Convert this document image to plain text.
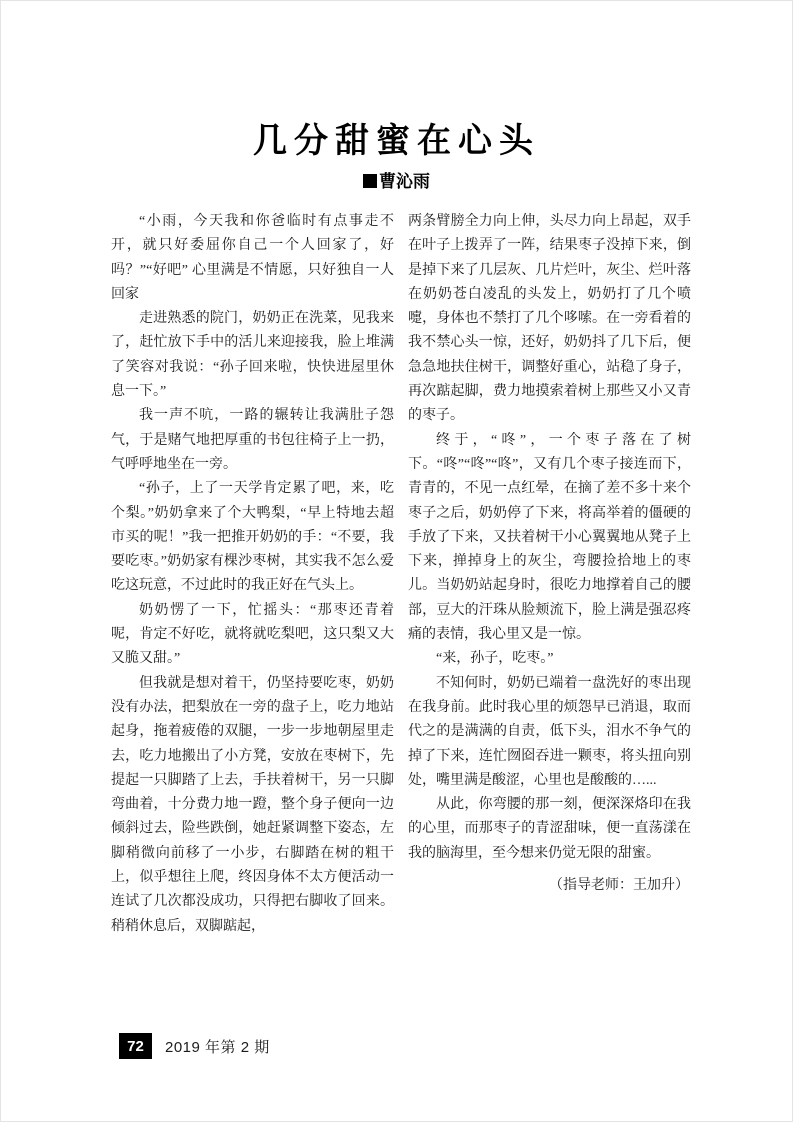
几分甜蜜在心头
曹沁雨

“小雨，今天我和你爸临时有点事走不开，就只好委屈你自己一个人回家了，好吗？”“好吧” 心里满是不情愿，只好独自一人回家

走进熟悉的院门，奶奶正在洗菜，见我来了，赶忙放下手中的活儿来迎接我，脸上堆满了笑容对我说：“孙子回来啦，快快进屋里休息一下。”

我一声不吭，一路的辗转让我满肚子怨气，于是赌气地把厚重的书包往椅子上一扔，气呼呼地坐在一旁。

“孙子，上了一天学肯定累了吧，来，吃个梨。”奶奶拿来了个大鸭梨，“早上特地去超市买的呢！”我一把推开奶奶的手：“不要，我要吃枣。”奶奶家有棵沙枣树，其实我不怎么爱吃这玩意，不过此时的我正好在气头上。

奶奶愣了一下，忙摇头：“那枣还青着呢，肯定不好吃，就将就吃梨吧，这只梨又大又脆又甜。”

但我就是想对着干，仍坚持要吃枣，奶奶没有办法，把梨放在一旁的盘子上，吃力地站起身，拖着疲倦的双腿，一步一步地朝屋里走去，吃力地搬出了小方凳，安放在枣树下，先提起一只脚踏了上去，手扶着树干，另一只脚弯曲着，十分费力地一蹬，整个身子便向一边倾斜过去，险些跌倒，她赶紧调整下姿态，左脚稍微向前移了一小步，右脚踏在树的粗干上，似乎想往上爬，终因身体不太方便活动一连试了几次都没成功，只得把右脚收了回来。稍稍休息后，双脚踮起，

两条臂膀全力向上伸，头尽力向上昂起，双手在叶子上拨弄了一阵，结果枣子没掉下来，倒是掉下来了几层灰、几片烂叶，灰尘、烂叶落在奶奶苍白凌乱的头发上，奶奶打了几个喷嚏，身体也不禁打了几个哆嗦。在一旁看着的我不禁心头一惊，还好，奶奶抖了几下后，便急急地扶住树干，调整好重心，站稳了身子，再次踮起脚，费力地摸索着树上那些又小又青的枣子。

终于，“咚”，一个枣子落在了树下。“咚”“咚”“咚”，又有几个枣子接连而下，青青的，不见一点红晕，在摘了差不多十来个枣子之后，奶奶停了下来，将高举着的僵硬的手放了下来，又扶着树干小心翼翼地从凳子上下来，掸掉身上的灰尘，弯腰捡拾地上的枣儿。当奶奶站起身时，很吃力地撑着自己的腰部，豆大的汗珠从脸颊流下，脸上满是强忍疼痛的表情，我心里又是一惊。

“来，孙子，吃枣。”

不知何时，奶奶已端着一盘洗好的枣出现在我身前。此时我心里的烦怨早已消退，取而代之的是满满的自责，低下头，泪水不争气的掉了下来，连忙囫囵吞进一颗枣，将头扭向别处，嘴里满是酸涩，心里也是酸酸的…...

从此，你弯腰的那一刻，便深深烙印在我的心里，而那枣子的青涩甜味，便一直荡漾在我的脑海里，至今想来仍觉无限的甜蜜。

（指导老师：王加升）

72	2019 年第 2 期
